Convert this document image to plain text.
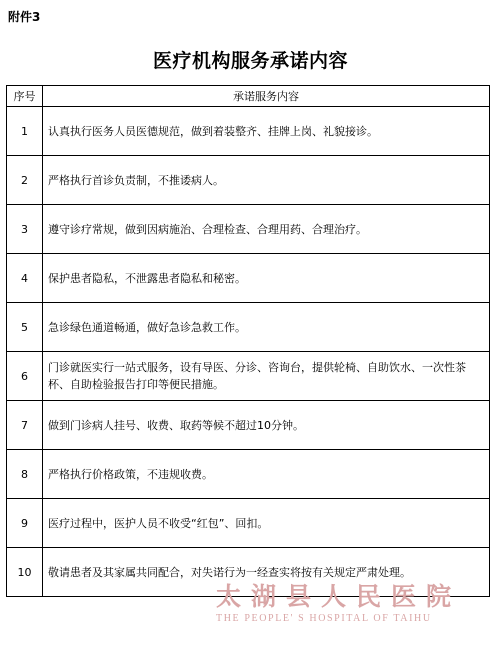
附件3
医疗机构服务承诺内容
序号	承诺服务内容
1	认真执行医务人员医德规范，做到着装整齐、挂牌上岗、礼貌接诊。
2	严格执行首诊负责制，不推诿病人。
3	遵守诊疗常规，做到因病施治、合理检查、合理用药、合理治疗。
4	保护患者隐私，不泄露患者隐私和秘密。
5	急诊绿色通道畅通，做好急诊急救工作。
6	门诊就医实行一站式服务，设有导医、分诊、咨询台，提供轮椅、自助饮水、一次性茶杯、自助检验报告打印等便民措施。
7	做到门诊病人挂号、收费、取药等候不超过10分钟。
8	严格执行价格政策，不违规收费。
9	医疗过程中，医护人员不收受“红包”、回扣。
10	敬请患者及其家属共同配合，对失诺行为一经查实将按有关规定严肃处理。
太湖县人民医院
THE PEOPLE' S HOSPITAL OF TAIHU
